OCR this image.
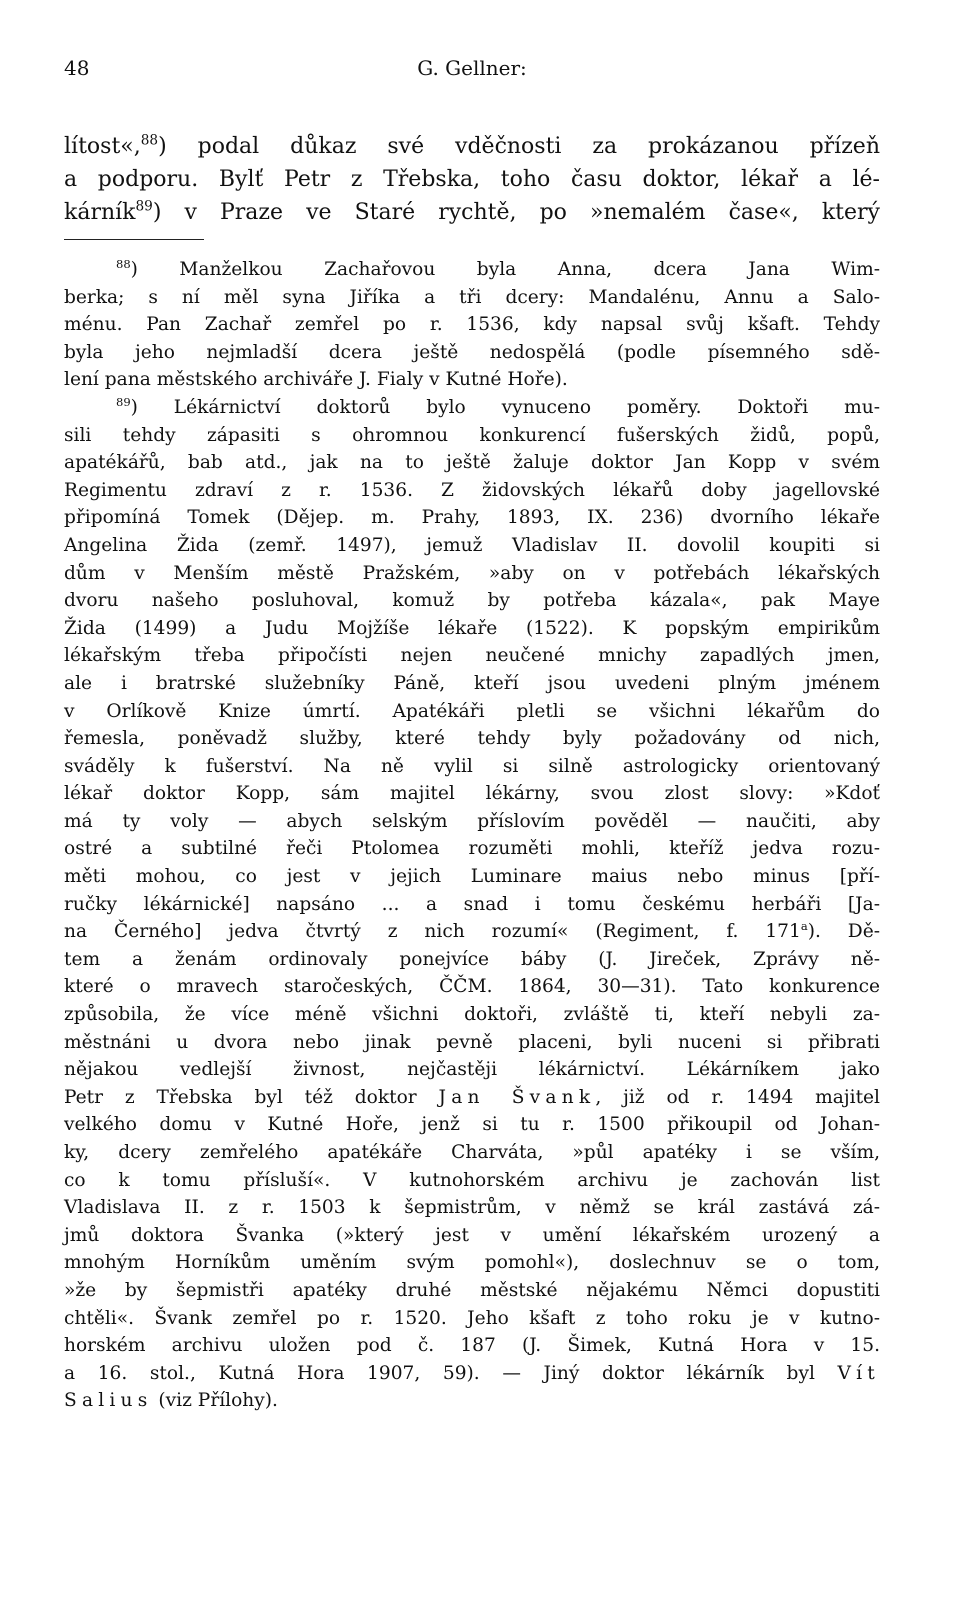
48	G. Gellner:
lítost«,$^{88}$) podal důkaz své vděčnosti za prokázanou přízeň
a podporu. Bylť Petr z Třebska, toho času doktor, lékař a lé-
kárník$^{89}$) v Praze ve Staré rychtě, po »nemalém čase«, který
$^{88}$) Manželkou Zachařovou byla Anna, dcera Jana Wim-
berka; s ní měl syna Jiříka a tři dcery: Mandalénu, Annu a Salo-
ménu. Pan Zachař zemřel po r. 1536, kdy napsal svůj kšaft. Tehdy
byla jeho nejmladší dcera ještě nedospělá (podle písemného sdě-
lení pana městského archiváře J. Fialy v Kutné Hoře).
$^{89}$) Lékárnictví doktorů bylo vynuceno poměry. Doktoři mu-
sili tehdy zápasiti s ohromnou konkurencí fušerských židů, popů,
apatékářů, bab atd., jak na to ještě žaluje doktor Jan Kopp v svém
Regimentu zdraví z r. 1536. Z židovských lékařů doby jagellovské
připomíná Tomek (Dějep. m. Prahy, 1893, IX. 236) dvorního lékaře
Angelina Žida (zemř. 1497), jemuž Vladislav II. dovolil koupiti si
dům v Menším městě Pražském, »aby on v potřebách lékařských
dvoru našeho posluhoval, komuž by potřeba kázala«, pak Maye
Žida (1499) a Judu Mojžíše lékaře (1522). K popským empirikům
lékařským třeba připočísti nejen neučené mnichy zapadlých jmen,
ale i bratrské služebníky Páně, kteří jsou uvedeni plným jménem
v Orlíkově Knize úmrtí. Apatékáři pletli se všichni lékařům do
řemesla, poněvadž služby, které tehdy byly požadovány od nich,
sváděly k fušerství. Na ně vylil si silně astrologicky orientovaný
lékař doktor Kopp, sám majitel lékárny, svou zlost slovy: »Kdoť
má ty voly — abych selským příslovím pověděl — naučiti, aby
ostré a subtilné řeči Ptolomea rozuměti mohli, kteříž jedva rozu-
měti mohou, co jest v jejich Luminare maius nebo minus [pří-
ručky lékárnické] napsáno ... a snad i tomu českému herbáři [Ja-
na Černého] jedva čtvrtý z nich rozumí« (Regiment, f. 171$^a$). Dě-
tem a ženám ordinovaly ponejvíce báby (J. Jireček, Zprávy ně-
které o mravech staročeských, ČČM. 1864, 30—31). Tato konkurence
způsobila, že více méně všichni doktoři, zvláště ti, kteří nebyli za-
městnáni u dvora nebo jinak pevně placeni, byli nuceni si přibrati
nějakou vedlejší živnost, nejčastěji lékárnictví. Lékárníkem jako
Petr z Třebska byl též doktor Jan Švank, již od r. 1494 majitel
velkého domu v Kutné Hoře, jenž si tu r. 1500 přikoupil od Johan-
ky, dcery zemřelého apatékáře Charváta, »půl apatéky i se vším,
co k tomu přísluší«. V kutnohorském archivu je zachován list
Vladislava II. z r. 1503 k šepmistrům, v němž se král zastává zá-
jmů doktora Švanka (»který jest v umění lékařském urozený a
mnohým Horníkům uměním svým pomohl«), doslechnuv se o tom,
»že by šepmistři apatéky druhé městské nějakému Němci dopustiti
chtěli«. Švank zemřel po r. 1520. Jeho kšaft z toho roku je v kutno-
horském archivu uložen pod č. 187 (J. Šimek, Kutná Hora v 15.
a 16. stol., Kutná Hora 1907, 59). — Jiný doktor lékárník byl Vít
Salius (viz Přílohy).
